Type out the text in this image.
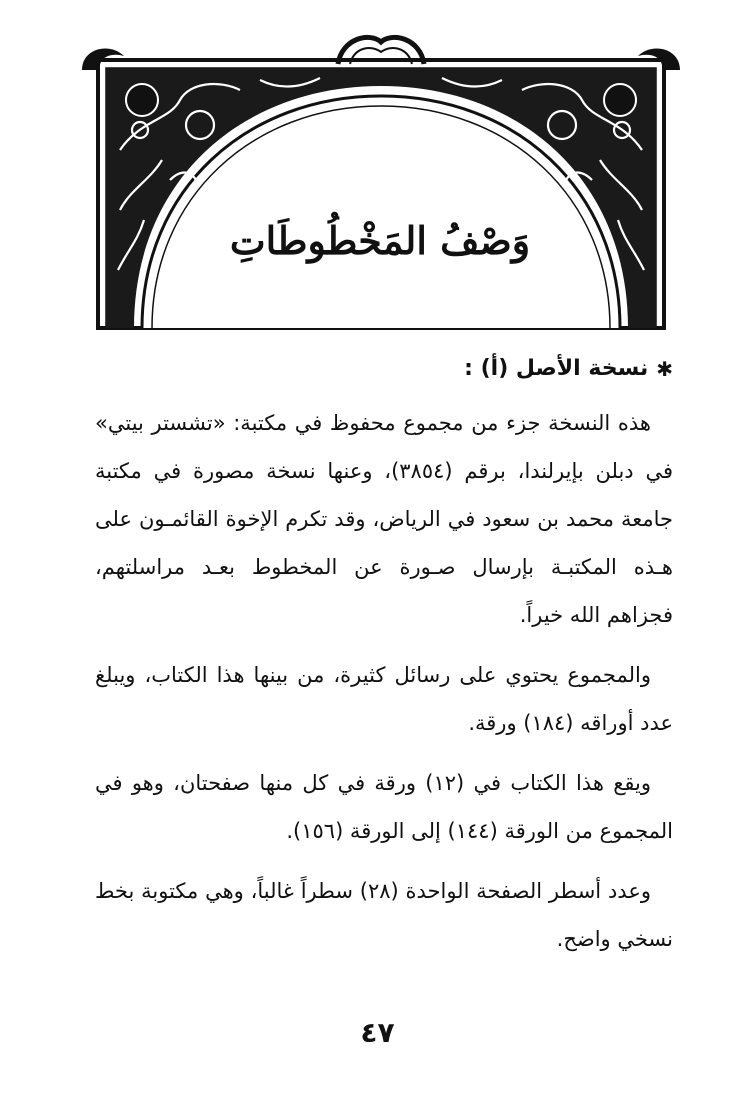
وَصْفُ المَخْطُوطَاتِ
✱
نسخة الأصل (أ) :

هذه النسخة جزء من مجموع محفوظ في مكتبة: «تشستر بيتي» في دبلن بإيرلندا، برقم (٣٨٥٤)، وعنها نسخة مصورة في مكتبة جامعة محمد بن سعود في الرياض، وقد تكرم الإخوة القائمـون على هـذه المكتبـة بإرسال صـورة عن المخطوط بعـد مراسلتهم، فجزاهم الله خيراً.

والمجموع يحتوي على رسائل كثيرة، من بينها هذا الكتاب، ويبلغ عدد أوراقه (١٨٤) ورقة.

ويقع هذا الكتاب في (١٢) ورقة في كل منها صفحتان، وهو في المجموع من الورقة (١٤٤) إلى الورقة (١٥٦).

وعدد أسطر الصفحة الواحدة (٢٨) سطراً غالباً، وهي مكتوبة بخط نسخي واضح.

٤٧
